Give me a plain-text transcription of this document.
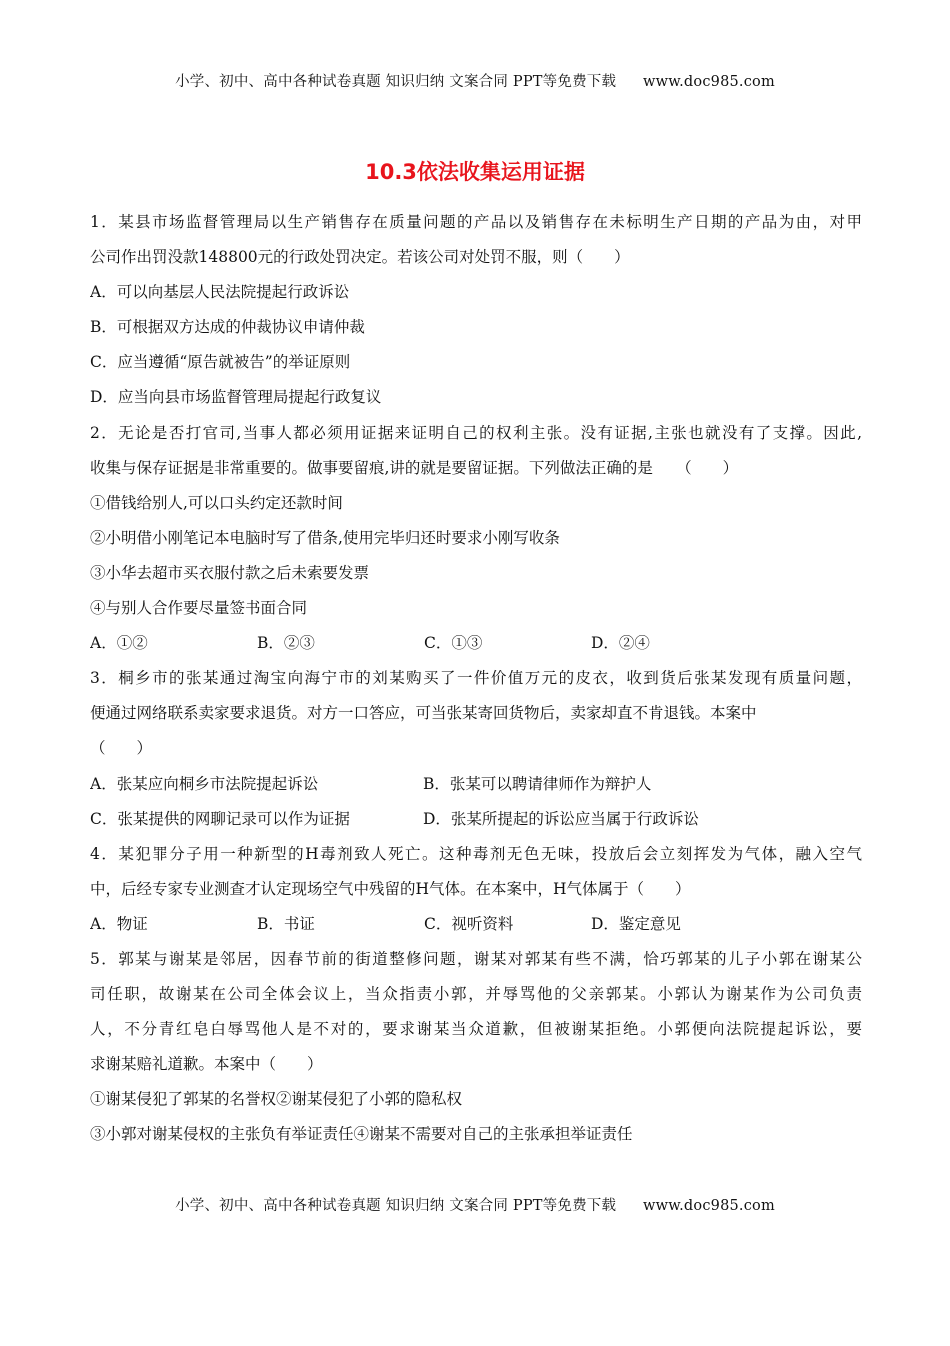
小学、初中、高中各种试卷真题 知识归纳 文案合同 PPT等免费下载 www.doc985.com
10.3依法收集运用证据
1．某县市场监督管理局以生产销售存在质量问题的产品以及销售存在未标明生产日期的产品为由，对甲
公司作出罚没款148800元的行政处罚决定。若该公司对处罚不服，则（　　）
A．可以向基层人民法院提起行政诉讼
B．可根据双方达成的仲裁协议申请仲裁
C．应当遵循“原告就被告”的举证原则
D．应当向县市场监督管理局提起行政复议
2．无论是否打官司,当事人都必须用证据来证明自己的权利主张。没有证据,主张也就没有了支撑。因此,
收集与保存证据是非常重要的。做事要留痕,讲的就是要留证据。下列做法正确的是　　（　　）
①借钱给别人,可以口头约定还款时间
②小明借小刚笔记本电脑时写了借条,使用完毕归还时要求小刚写收条
③小华去超市买衣服付款之后未索要发票
④与别人合作要尽量签书面合同
A．①②	B．②③	C．①③	D．②④
3．桐乡市的张某通过淘宝向海宁市的刘某购买了一件价值万元的皮衣，收到货后张某发现有质量问题，
便通过网络联系卖家要求退货。对方一口答应，可当张某寄回货物后，卖家却直不肯退钱。本案中
（　　）
A．张某应向桐乡市法院提起诉讼	B．张某可以聘请律师作为辩护人
C．张某提供的网聊记录可以作为证据	D．张某所提起的诉讼应当属于行政诉讼
4．某犯罪分子用一种新型的H毒剂致人死亡。这种毒剂无色无味，投放后会立刻挥发为气体，融入空气
中，后经专家专业测查才认定现场空气中残留的H气体。在本案中，H气体属于（　　）
A．物证	B．书证	C．视听资料	D．鉴定意见
5．郭某与谢某是邻居，因春节前的街道整修问题，谢某对郭某有些不满，恰巧郭某的儿子小郭在谢某公
司任职，故谢某在公司全体会议上，当众指责小郭，并辱骂他的父亲郭某。小郭认为谢某作为公司负责
人，不分青红皂白辱骂他人是不对的，要求谢某当众道歉，但被谢某拒绝。小郭便向法院提起诉讼，要
求谢某赔礼道歉。本案中（　　）
①谢某侵犯了郭某的名誉权②谢某侵犯了小郭的隐私权
③小郭对谢某侵权的主张负有举证责任④谢某不需要对自己的主张承担举证责任
小学、初中、高中各种试卷真题 知识归纳 文案合同 PPT等免费下载 www.doc985.com
